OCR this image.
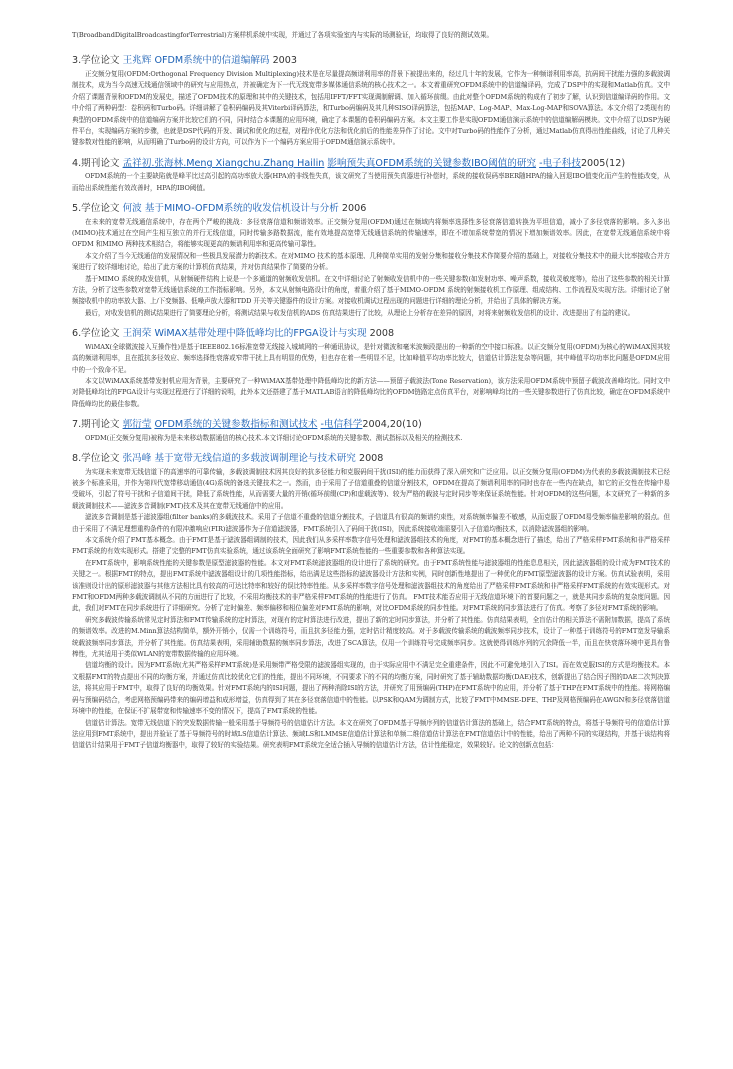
T(BroadbandDigitalBroadcastingforTerrestrial)方案样机系统中实现，并通过了各项实验室内与实际的场测验证，均取得了良好的测试效果。

3.学位论文 王兆辉 OFDM系统中的信道编解码 2003

正交频分复用(OFDM:Orthogonal Frequency Division Multiplexing)技术是在尽量提高频谱利用率的背景下被提出来的，经过几十年的发展，它作为一种频谱利用率高，抗码间干扰能力强的多载波调制技术，成为当今高速无线通信领域中的研究与应用热点，并被确定为下一代无线宽带多媒体通信系统的核心技术之一。本文着重研究OFDM系统中的信道编译码，完成了DSP中的实现和Matlab仿真。文中介绍了课题背景和OFDM的发展史，描述了OFDM技术的原理和其中的关键技术，包括用IFFT/FFT实现调制解调、加入循环前缀。由此对整个OFDM系统的构成有了初步了解，认识到信道编译码的作用。文中介绍了两种码型：卷积码和Turbo码。详细讲解了卷积码编码及其Viterbi译码算法，和Turbo码编码及其几种SISO译码算法，包括MAP、Log-MAP、Max-Log-MAP和SOVA算法。本文介绍了2类现有的典型的OFDM系统中的信道编码方案并比较它们的不同，同时结合本课题的应用环境，确定了本课题的卷积码编码方案。本文主要工作是实现OFDM通信演示系统中的信道编解码模块。文中介绍了以DSP为硬件平台，实现编码方案的步骤，也就是DSP代码的开发、调试和优化的过程，对程序优化方法和优化前后的性能差异作了讨论。文中对Turbo码的性能作了分析，通过Matlab仿真得出性能曲线，讨论了几种关键参数对性能的影响，从而明确了Turbo码的设计方向，可以作为下一个编码方案应用于OFDM通信演示系统中。

4.期刊论文 孟祥初.张海林.Meng Xiangchu.Zhang Hailin 影响预失真OFDM系统的关键参数IBO阈值的研究 -电子科技2005(12)

OFDM系统的一个主要缺陷就是峰平比过高引起的高功率放大器(HPA)的非线性失真，该文研究了当使用预失真器进行补偿时，系统的接收误码率BER随HPA的输入回退IBO值变化而产生的性能改变，从而给出系统性能有效改善时，HPA的IBO阈值。

5.学位论文 何波 基于MIMO-OFDM系统的收发信机设计与分析 2006

在未来的宽带无线通信系统中，存在两个严峻的挑战：多径衰落信道和频谱效率。正交频分复用(OFDM)通过在频域内将频率选择性多径衰落信道转换为平坦信道，减小了多径衰落的影响。多入多出(MIMO)技术通过在空间产生相互独立的并行无线信道，同时传输多路数据流，能有效地提高宽带无线通信系统的传输速率，即在不增加系统带宽的情况下增加频谱效率。因此，在宽带无线通信系统中将OFDM 和MIMO 两种技术相结合，将能够实现更高的频谱利用率和更高传输可靠性。

本文介绍了当今无线通信的发展情况和一些极具发展潜力的新技术。在对MIMO 技术的基本原理、几种简单实用的发射分集和接收分集技术作简要介绍的基础上，对接收分集技术中的最大比率接收合并方案进行了较详细地讨论，给出了此方案的计算机仿真结果，并对仿真结果作了简要的分析。

基于MIMO 系统的收发信机，从射频硬件结构上说是一个多通道的射频收发信机。在文中详细讨论了射频收发信机中的一些关键参数(如发射功率、噪声系数，接收灵敏度等)，给出了这些参数的相关计算方法，分析了这些参数对宽带无线通信系统的工作指标影响。另外，本文从射频电路设计的角度，着重介绍了基于MIMO-OFDM 系统的射频接收机工作原理、组成结构、工作流程及实现方法。详细讨论了射频接收机中的功率放大器、上/下变频器、低噪声放大器和TDD 开关等关键器件的设计方案。对接收机调试过程出现的问题进行详细的理论分析，并给出了具体的解决方案。

最后，对收发信机的测试结果进行了简要理论分析，将测试结果与收发信机的ADS 仿真结果进行了比较，从理论上分析存在差异的原因，对将来射频收发信机的设计、改进提出了有益的建议。

6.学位论文 王润荣 WiMAX基带处理中降低峰均比的FPGA设计与实现 2008

WiMAX(全球微波接入互操作性)是基于IEEE802.16标准宽带无线接入城域网的一种通讯协议，是针对微波和毫米波频段提出的一种新的空中接口标准。以正交频分复用(OFDM)为核心的WiMAX因其较高的频谱利用率，且在抵抗多径效应、频率选择性衰落或窄带干扰上具有明显的优势，但也存在着一些明显不足，比如峰值平均功率比较大，信道估计算法复杂等问题，其中峰值平均功率比问题是OFDM应用中的一个致命不足。

本文以WiMAX系统基带发射机应用为背景，主要研究了一种WiMAX基带处理中降低峰均比的新方法——预留子载波法(Tone Reservation)，该方法采用OFDM系统中预留子载波改善峰均比。同时文中对降低峰均比的FPGA设计与实现过程进行了详细的说明，此外本文还搭建了基于MATLAB语言的降低峰均比的OFDM链路定点仿真平台，对影响峰均比的一些关键参数进行了仿真比较，确定在OFDM系统中降低峰均比的最佳参数。

7.期刊论文 郭衍莹 OFDM系统的关键参数指标和测试技术 -电信科学2004,20(10)

OFDM(正交频分复用)被称为是未来移动数据通信的核心技术.本文详细讨论OFDM系统的关键参数、测试指标以及相关的检测技术.

8.学位论文 张冯峰 基于宽带无线信道的多载波调制理论与技术研究 2008

为实现未来宽带无线信道下的高速率的可靠传输，多载波调制技术因其良好的抗多径能力和克服码间干扰(ISI)的能力而获得了深入研究和广泛应用。以正交频分复用(OFDM)为代表的多载波调制技术已经被多个标准采用，并作为第四代宽带移动通信(4G)系统的备选关键技术之一。然而，由于采用了子信道重叠的信道分割技术，OFDM在提高了频谱利用率的同时也存在一些内在缺点，如它的正交性在传输中易受破坏，引起了符号干扰和子信道间干扰，降低了系统性能，从而需要大量的开销(循环前缀(CP)和虚载波等)、较为严格的载波与定时同步等来保证系统性能。针对OFDM的这些问题，本文研究了一种新的多载波调制技术——滤波多音调制(FMT)技术及其在宽带无线通信中的应用。

滤波多音调制是基于滤波器组(filter banks)的多载波技术。采用了子信道不重叠的信道分割技术，子信道具有很高的频谱约束性，对系统频率偏差不敏感，从而克服了OFDM易受频率偏差影响的弱点。但由于采用了不满足理想重构条件的有限冲激响应(FIR)滤波器作为子信道滤波器，FMT系统引入了码间干扰(ISI)，因此系统接收端需要引入子信道均衡技术，以消除滤波器组的影响。

本文系统介绍了FMT基本概念。由于FMT是基于滤波器组调制的技术，因此我们从多采样率数字信号处理和滤波器组技术的角度，对FMT的基本概念进行了描述，给出了严格采样FMT系统和非严格采样FMT系统的有效实现形式。搭建了完整的FMT仿真实验系统，通过该系统全面研究了影响FMT系统性能的一些重要参数和各种算法实现。

在FMT系统中，影响系统性能的关键参数是原型滤波器的性能。本文对FMT系统滤波器组的设计进行了系统的研究。由于FMT系统性能与滤波器组的性能息息相关，因此滤波器组的设计成为FMT技术的关键之一。根据FMT的特点，提出FMT系统中滤波器组设计的几项性能指标，给出满足这些指标的滤波器设计方法和实例，同时创新性地提出了一种优化的FMT原型滤波器的设计方案。仿真试验表明，采用该准则设计出的原形滤波器与其他方法相比具有较高的可达比特率和较好的误比特率性能。从多采样率数字信号处理和滤波器组技术的角度给出了严格采样FMT系统和非严格采样FMT系统的有效实现形式。对FMT和OFDM两种多载波调制从不同的方面进行了比较，不采用均衡技术的非严格采样FMT系统的性能进行了仿真。 FMT技术能否应用于无线信道环境下的首要问题之一，就是其同步系统的复杂度问题。因此，我们对FMT在同步系统进行了详细研究。分析了定时偏差、频率偏移和相位偏差对FMT系统的影响，对比OFDM系统的同步性能。对FMT系统的同步算法进行了仿真。考察了多径对FMT系统的影响。

研究多载波传输系统常见定时算法和FMT传输系统的定时算法，对现有的定时算法进行改进，提出了新的定时同步算法，并分析了其性能。仿真结果表明，全盲估计的相关算法不需附加数据，提高了系统的频谱效率。改进的M.Minn算法结构简单，额外开销小，仅需一个训练符号，而且抗多径能力强，定时估计精度较高。对于多载波传输系统的载波频率同步技术，设计了一种基于训练符号的FMT宽发导输系统载波频率同步算法，并分析了其性能。仿真结果表明，采用辅助数据的频率同步算法，改进了SCA算法，仅用一个训练符号完成频率同步。这就使得训练序列的冗余降低一半，而且在快衰落环境中更具有鲁棒性，尤其适用于类似WLAN的宽带数据传输的应用环境。

信道均衡的设计。因为FMT系统(尤其严格采样FMT系统)是采用频带严格受限的滤波器组实现的，由于实际应用中不满足完全重建条件，因此不可避免地引入了ISI。而在效克服ISI的方式是均衡技术。本文根据FMT的特点提出不同的均衡方案，并通过仿真比较优化它们的性能，提出不同环境，不同要求下的不同的均衡方案，同时研究了基于辅助数据均衡(DAE)技术，创新提出了结合因子图的DAE二次判决算法，将其应用于FMT中，取得了良好的均衡效果。针对FMT系统内的ISI问题，提出了两种消除ISI的方法，并研究了用预编码(THP)在FMT系统中的应用，并分析了基于THP在FMT系统中的性能。将网格编码与预编码结合，考虑网格预编码带来的编码增益和成形增益，仿真得到了其在多径衰落信道中的性能。以PSK和QAM为调制方式，比较了FMT中MMSE-DFE、THP及网格预编码在AWGN和多径衰落信道环境中的性能，在保证不扩展带宽和传输速率不变的情况下，提高了FMT系统的性能。

信道估计算法。宽带无线信道下的突发数据传输一般采用基于导频符号的信道估计方法。本文在研究了OFDM基于导频序列的信道估计算法的基础上，结合FMT系统的特点，将基于导频符号的信道估计算法应用到FMT系统中，提出并验证了基于导频符号的时域LS信道估计算法、频域LS和LMMSE信道估计算法和单频二维信道估计算法在FMT信道估计中的性能，给出了两种不同的实现结构，并基于该结构将信道估计结果用于FMT子信道均衡器中，取得了较好的实验结果。研究表明FMT系统完全适合插入导频的信道估计方法，估计性能稳定，效果较好。论文的创新点包括：
